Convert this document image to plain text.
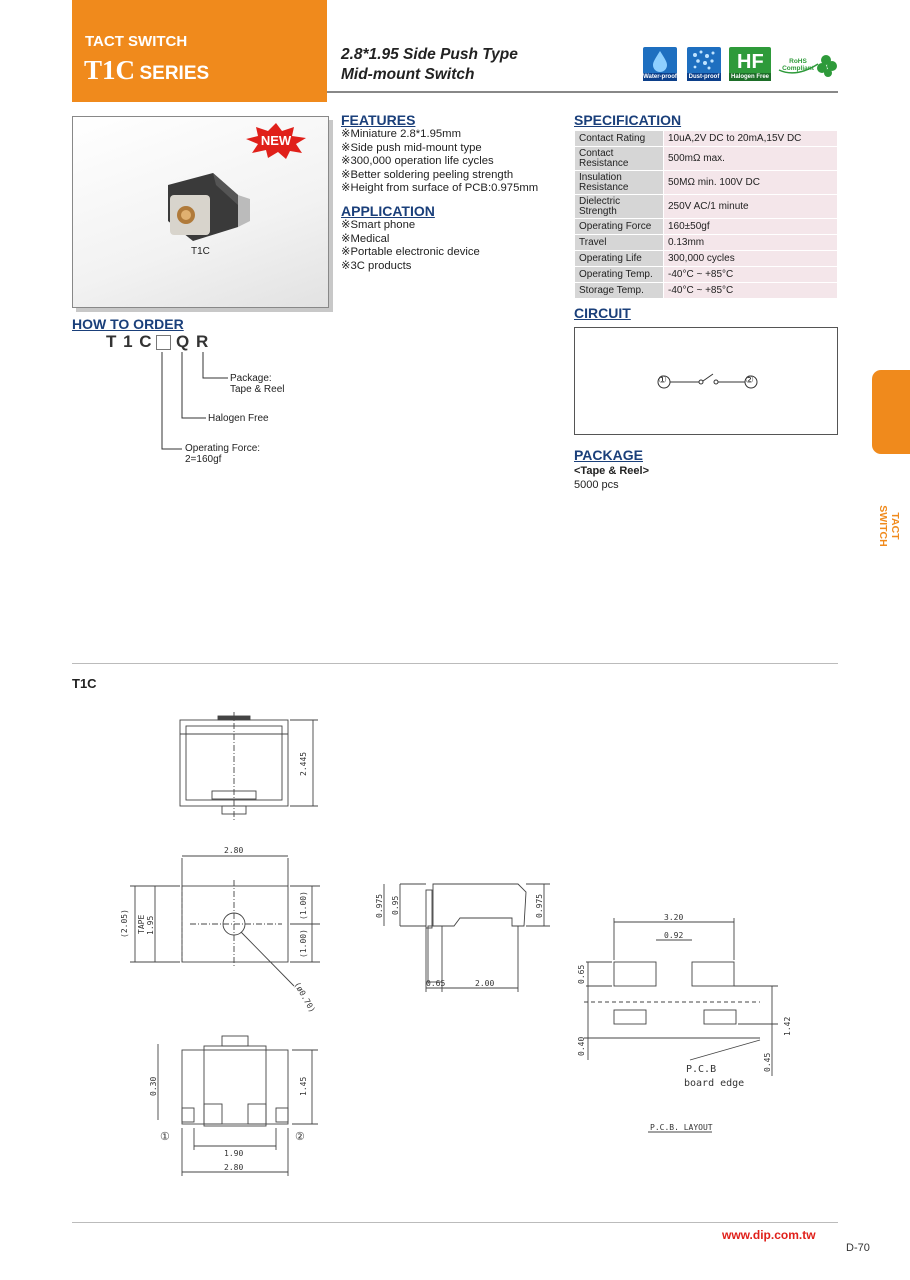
TACT SWITCH
T1C SERIES
2.8*1.95 Side Push Type
Mid-mount Switch	Water-proof Dust-proof
HF
Halogen Free
RoHS Compliant
NEW
T1C
FEATURES
※Miniature 2.8*1.95mm
※Side push mid-mount type
※300,000 operation life cycles
※Better soldering peeling strength
※Height from surface of PCB:0.975mm
APPLICATION
※Smart phone
※Medical
※Portable electronic device
※3C products
SPECIFICATION
Contact Rating	10uA,2V DC to 20mA,15V DC
Contact Resistance	500mΩ max.
Insulation Resistance	50MΩ min. 100V DC
Dielectric Strength	250V AC/1 minute
Operating Force	160±50gf
Travel	0.13mm
Operating Life	300,000 cycles
Operating Temp.	-40°C ~ +85°C
Storage Temp.	-40°C ~ +85°C
CIRCUIT
①	②
PACKAGE
<Tape & Reel>
5000 pcs
HOW TO ORDER
T 1 C Q R
Package:
Tape & Reel
Halogen Free
Operating Force:
2=160gf
TACT SWITCH
T1C
2.445
2.80
(2.05) TAPE 1.95
(1.00)
(1.00)
(ø0.70)
0.975 0.95	0.975
0.65	2.00
0.30	1.45
1.90
2.80
①	②
3.20
0.92
0.65
0.40
1.42
0.45
P.C.B
board edge
P.C.B. LAYOUT
www.dip.com.tw
D-70
